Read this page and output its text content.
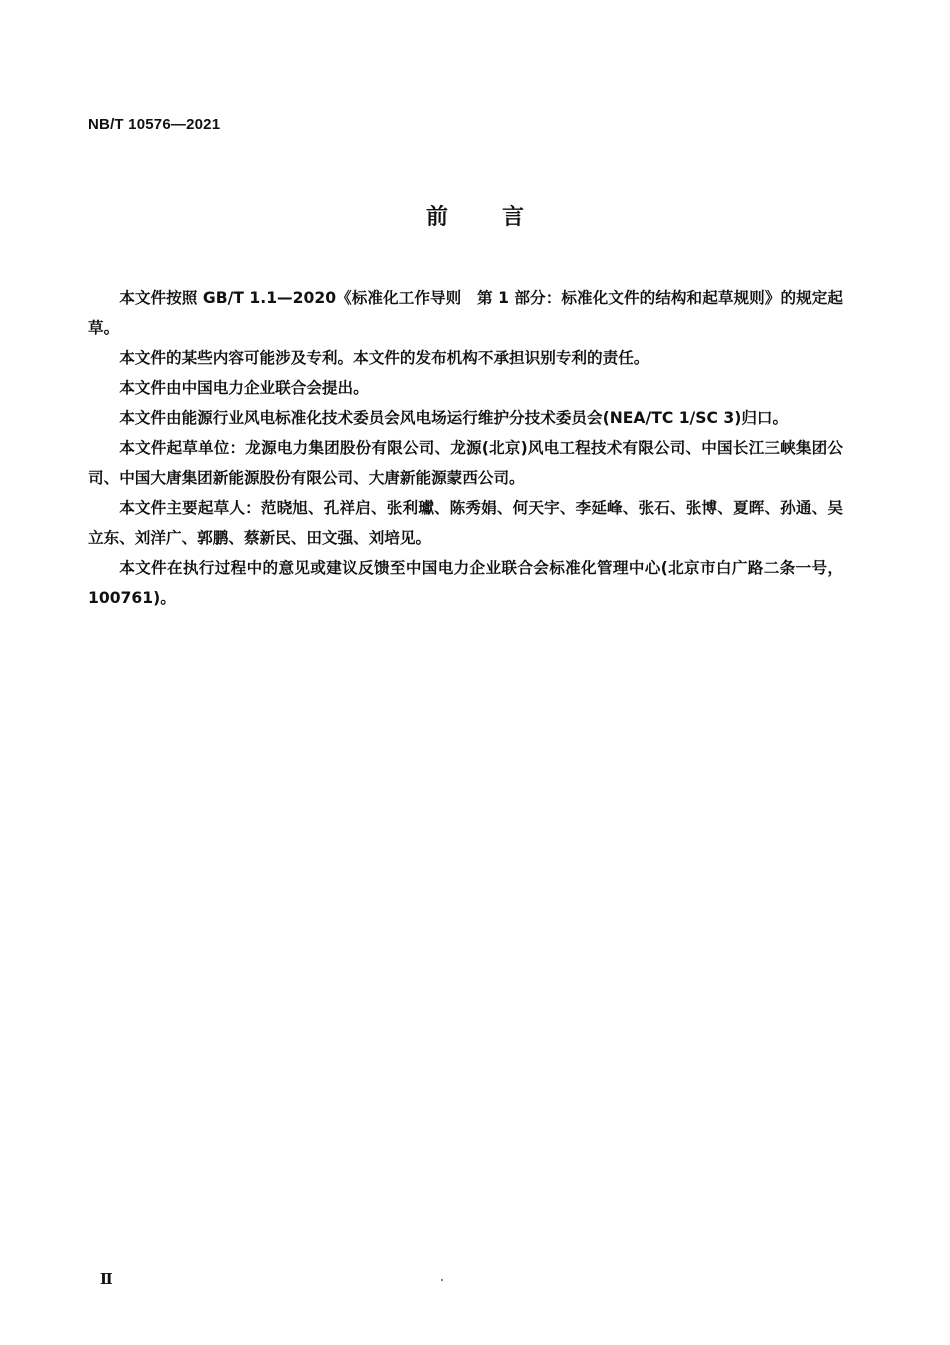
NB/T 10576—2021
前 言

本文件按照 GB/T 1.1—2020《标准化工作导则　第 1 部分：标准化文件的结构和起草规则》的规定起草。

本文件的某些内容可能涉及专利。本文件的发布机构不承担识别专利的责任。

本文件由中国电力企业联合会提出。

本文件由能源行业风电标准化技术委员会风电场运行维护分技术委员会(NEA/TC 1/SC 3)归口。

本文件起草单位：龙源电力集团股份有限公司、龙源(北京)风电工程技术有限公司、中国长江三峡集团公司、中国大唐集团新能源股份有限公司、大唐新能源蒙西公司。

本文件主要起草人：范晓旭、孔祥启、张利瓛、陈秀娟、何天宇、李延峰、张石、张博、夏晖、孙通、吴立东、刘洋广、郭鹏、蔡新民、田文强、刘培见。

本文件在执行过程中的意见或建议反馈至中国电力企业联合会标准化管理中心(北京市白广路二条一号，100761)。

Ⅱ
